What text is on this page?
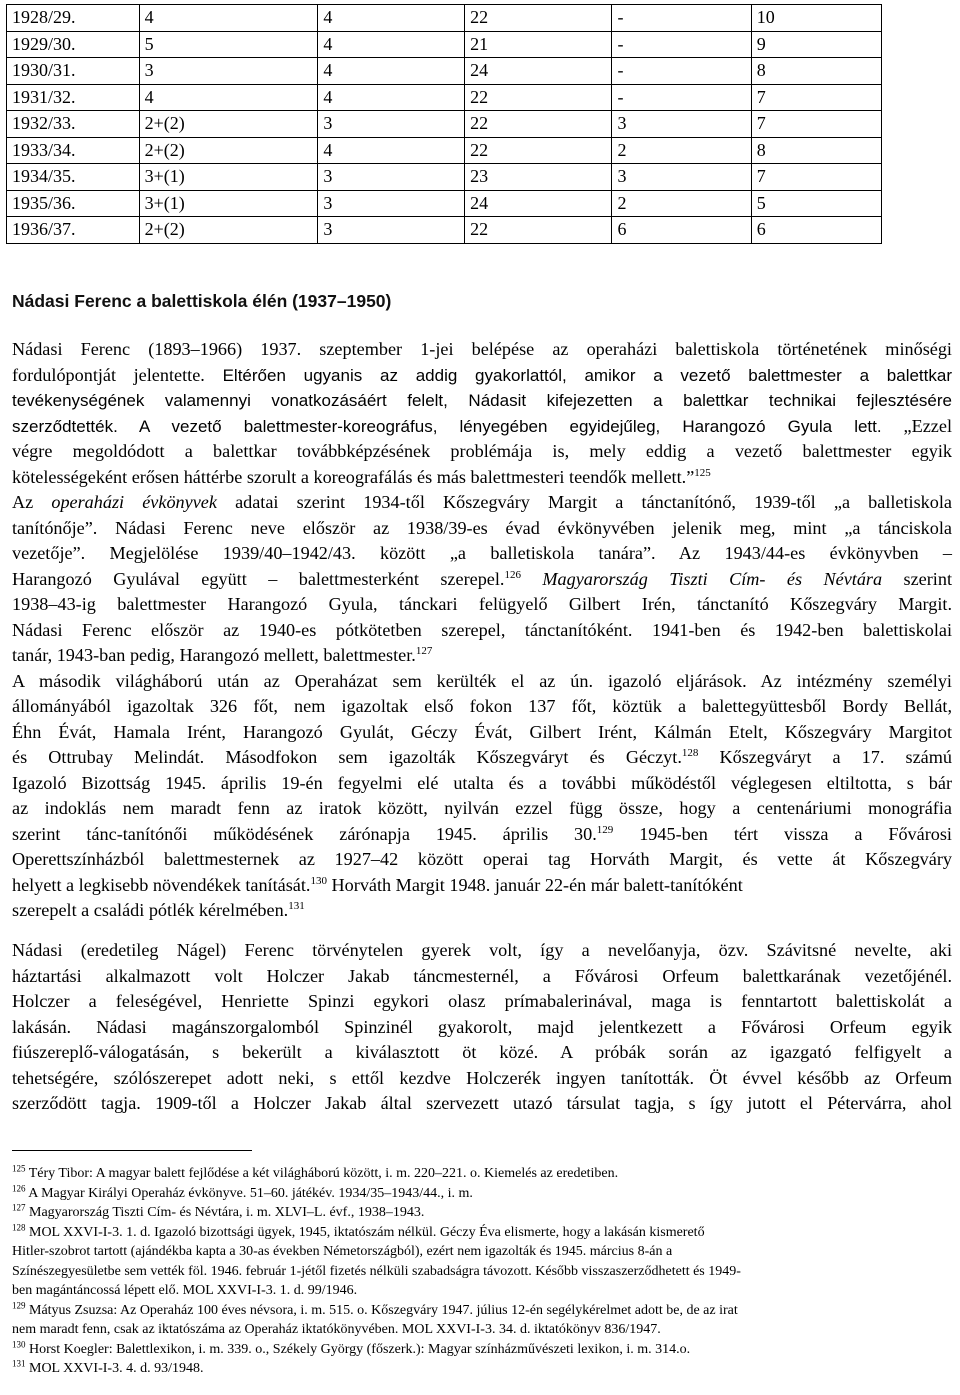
1928/29.	4	4	22	-	10
1929/30.	5	4	21	-	9
1930/31.	3	4	24	-	8
1931/32.	4	4	22	-	7
1932/33.	2+(2)	3	22	3	7
1933/34.	2+(2)	4	22	2	8
1934/35.	3+(1)	3	23	3	7
1935/36.	3+(1)	3	24	2	5
1936/37.	2+(2)	3	22	6	6
Nádasi Ferenc a balettiskola élén (1937–1950)
Nádasi Ferenc (1893–1966) 1937. szeptember 1-jei belépése az operaházi balettiskola történetének minőségi
fordulópontját jelentette. Eltérően ugyanis az addig gyakorlattól, amikor a vezető balettmester a balettkar
tevékenységének valamennyi vonatkozásáért felelt, Nádasit kifejezetten a balettkar technikai fejlesztésére
szerződtették. A vezető balettmester-koreográfus, lényegében egyidejűleg, Harangozó Gyula lett. „Ezzel
végre megoldódott a balettkar továbbképzésének problémája is, mely eddig a vezető balettmester egyik
kötelességeként erősen háttérbe szorult a koreografálás és más balettmesteri teendők mellett.”$^{125}$
Az operaházi évkönyvek adatai szerint 1934-től Kőszegváry Margit a tánctanítónő, 1939-től „a balletiskola
tanítónője”. Nádasi Ferenc neve először az 1938/39-es évad évkönyvében jelenik meg, mint „a tánciskola
vezetője”. Megjelölése 1939/40–1942/43. között „a balletiskola tanára”. Az 1943/44-es évkönyvben –
Harangozó Gyulával együtt – balettmesterként szerepel.$^{126}$ Magyarország Tiszti Cím- és Névtára szerint
1938–43-ig balettmester Harangozó Gyula, tánckari felügyelő Gilbert Irén, tánctanító Kőszegváry Margit.
Nádasi Ferenc először az 1940-es pótkötetben szerepel, tánctanítóként. 1941-ben és 1942-ben balettiskolai
tanár, 1943-ban pedig, Harangozó mellett, balettmester.$^{127}$
A második világháború után az Operaházat sem kerülték el az ún. igazoló eljárások. Az intézmény személyi
állományából igazoltak 326 főt, nem igazoltak első fokon 137 főt, köztük a balettegyüttesből Bordy Bellát,
Éhn Évát, Hamala Irént, Harangozó Gyulát, Géczy Évát, Gilbert Irént, Kálmán Etelt, Kőszegváry Margitot
és Ottrubay Melindát. Másodfokon sem igazolták Kőszegváryt és Géczyt.$^{128}$ Kőszegváryt a 17. számú
Igazoló Bizottság 1945. április 19-én fegyelmi elé utalta és a további működéstől véglegesen eltiltotta, s bár
az indoklás nem maradt fenn az iratok között, nyilván ezzel függ össze, hogy a centenáriumi monográfia
szerint tánc-tanítónői működésének zárónapja 1945. április 30.$^{129}$ 1945-ben tért vissza a Fővárosi
Operettszínházból balettmesternek az 1927–42 között operai tag Horváth Margit, és vette át Kőszegváry
helyett a legkisebb növendékek tanítását.$^{130}$ Horváth Margit 1948. január 22-én már balett-tanítóként
szerepelt a családi pótlék kérelmében.$^{131}$
Nádasi (eredetileg Nágel) Ferenc törvénytelen gyerek volt, így a nevelőanyja, özv. Szávitsné nevelte, aki
háztartási alkalmazott volt Holczer Jakab táncmesternél, a Fővárosi Orfeum balettkarának vezetőjénél.
Holczer a feleségével, Henriette Spinzi egykori olasz prímabalerinával, maga is fenntartott balettiskolát a
lakásán. Nádasi magánszorgalomból Spinzinél gyakorolt, majd jelentkezett a Fővárosi Orfeum egyik
fiúszereplő-válogatásán, s bekerült a kiválasztott öt közé. A próbák során az igazgató felfigyelt a
tehetségére, szólószerepet adott neki, s ettől kezdve Holczerék ingyen tanították. Öt évvel később az Orfeum
szerződött tagja. 1909-től a Holczer Jakab által szervezett utazó társulat tagja, s így jutott el Pétervárra, ahol
$^{125}$ Téry Tibor: A magyar balett fejlődése a két világháború között, i. m. 220–221. o. Kiemelés az eredetiben.
$^{126}$ A Magyar Királyi Operaház évkönyve. 51–60. játékév. 1934/35–1943/44., i. m.
$^{127}$ Magyarország Tiszti Cím- és Névtára, i. m. XLVI–L. évf., 1938–1943.
$^{128}$ MOL XXVI-I-3. 1. d. Igazoló bizottsági ügyek, 1945, iktatószám nélkül. Géczy Éva elismerte, hogy a lakásán kismerető
Hitler-szobrot tartott (ajándékba kapta a 30-as években Németországból), ezért nem igazolták és 1945. március 8-án a
Színészegyesületbe sem vették föl. 1946. február 1-jétől fizetés nélküli szabadságra távozott. Később visszaszerződhetett és 1949-
ben magántáncossá lépett elő. MOL XXVI-I-3. 1. d. 99/1946.
$^{129}$ Mátyus Zsuzsa: Az Operaház 100 éves névsora, i. m. 515. o. Kőszegváry 1947. július 12-én segélykérelmet adott be, de az irat
nem maradt fenn, csak az iktatószáma az Operaház iktatókönyvében. MOL XXVI-I-3. 34. d. iktatókönyv 836/1947.
$^{130}$ Horst Koegler: Balettlexikon, i. m. 339. o., Székely György (főszerk.): Magyar színházművészeti lexikon, i. m. 314.o.
$^{131}$ MOL XXVI-I-3. 4. d. 93/1948.
